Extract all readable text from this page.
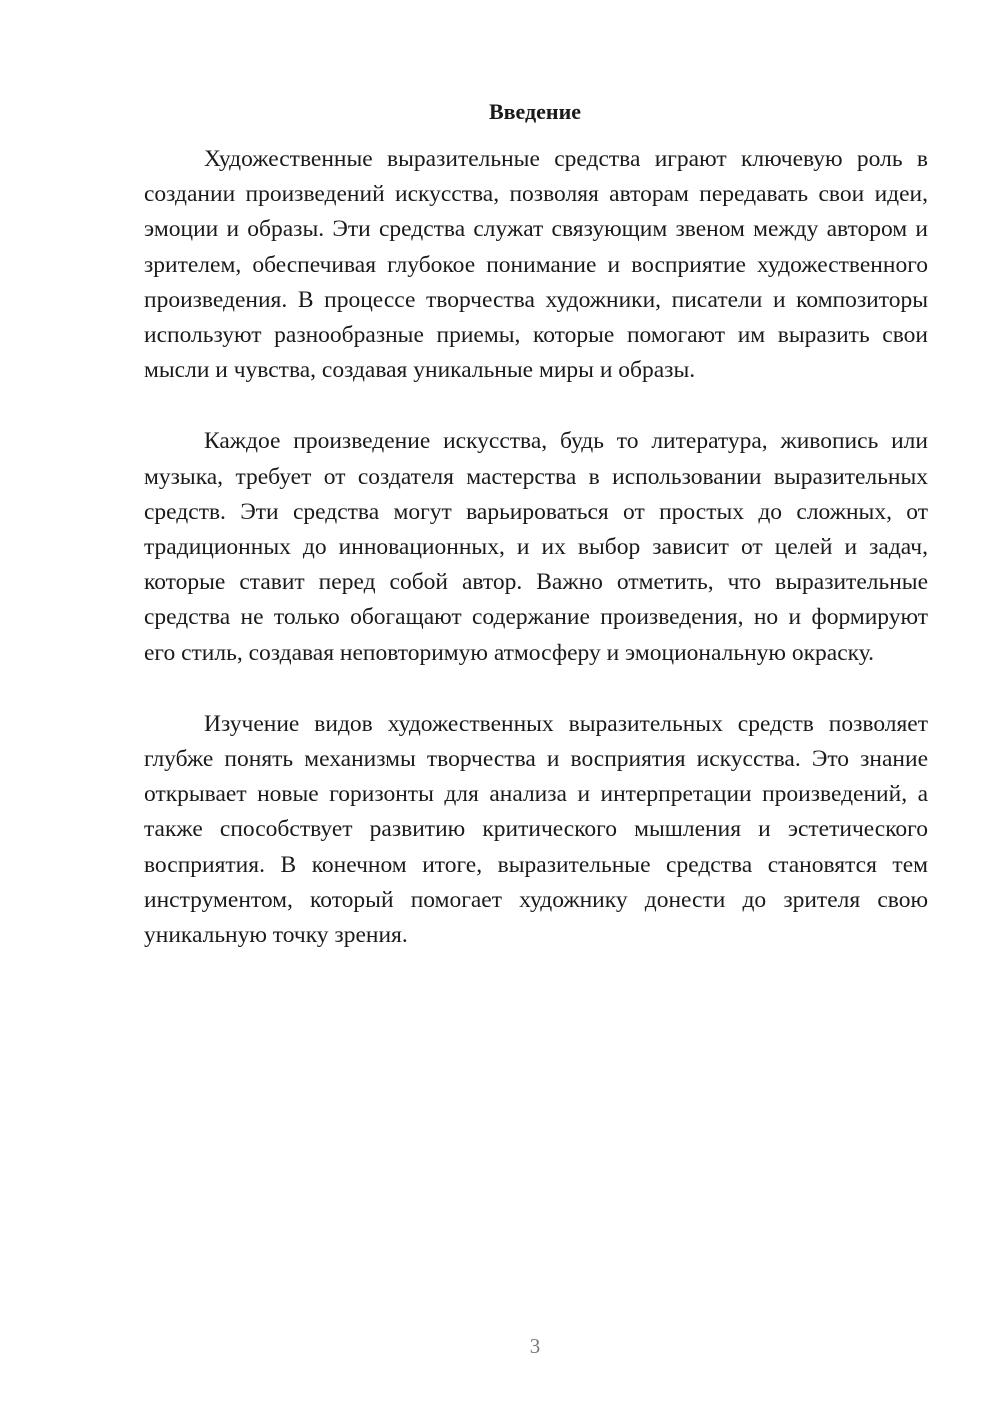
Введение

Художественные выразительные средства играют ключевую роль в создании произведений искусства, позволяя авторам передавать свои идеи, эмоции и образы. Эти средства служат связующим звеном между автором и зрителем, обеспечивая глубокое понимание и восприятие художественного произведения. В процессе творчества художники, писатели и композиторы используют разнообразные приемы, которые помогают им выразить свои мысли и чувства, создавая уникальные миры и образы.

Каждое произведение искусства, будь то литература, живопись или музыка, требует от создателя мастерства в использовании выразительных средств. Эти средства могут варьироваться от простых до сложных, от традиционных до инновационных, и их выбор зависит от целей и задач, которые ставит перед собой автор. Важно отметить, что выразительные средства не только обогащают содержание произведения, но и формируют его стиль, создавая неповторимую атмосферу и эмоциональную окраску.

Изучение видов художественных выразительных средств позволяет глубже понять механизмы творчества и восприятия искусства. Это знание открывает новые горизонты для анализа и интерпретации произведений, а также способствует развитию критического мышления и эстетического восприятия. В конечном итоге, выразительные средства становятся тем инструментом, который помогает художнику донести до зрителя свою уникальную точку зрения.

3
